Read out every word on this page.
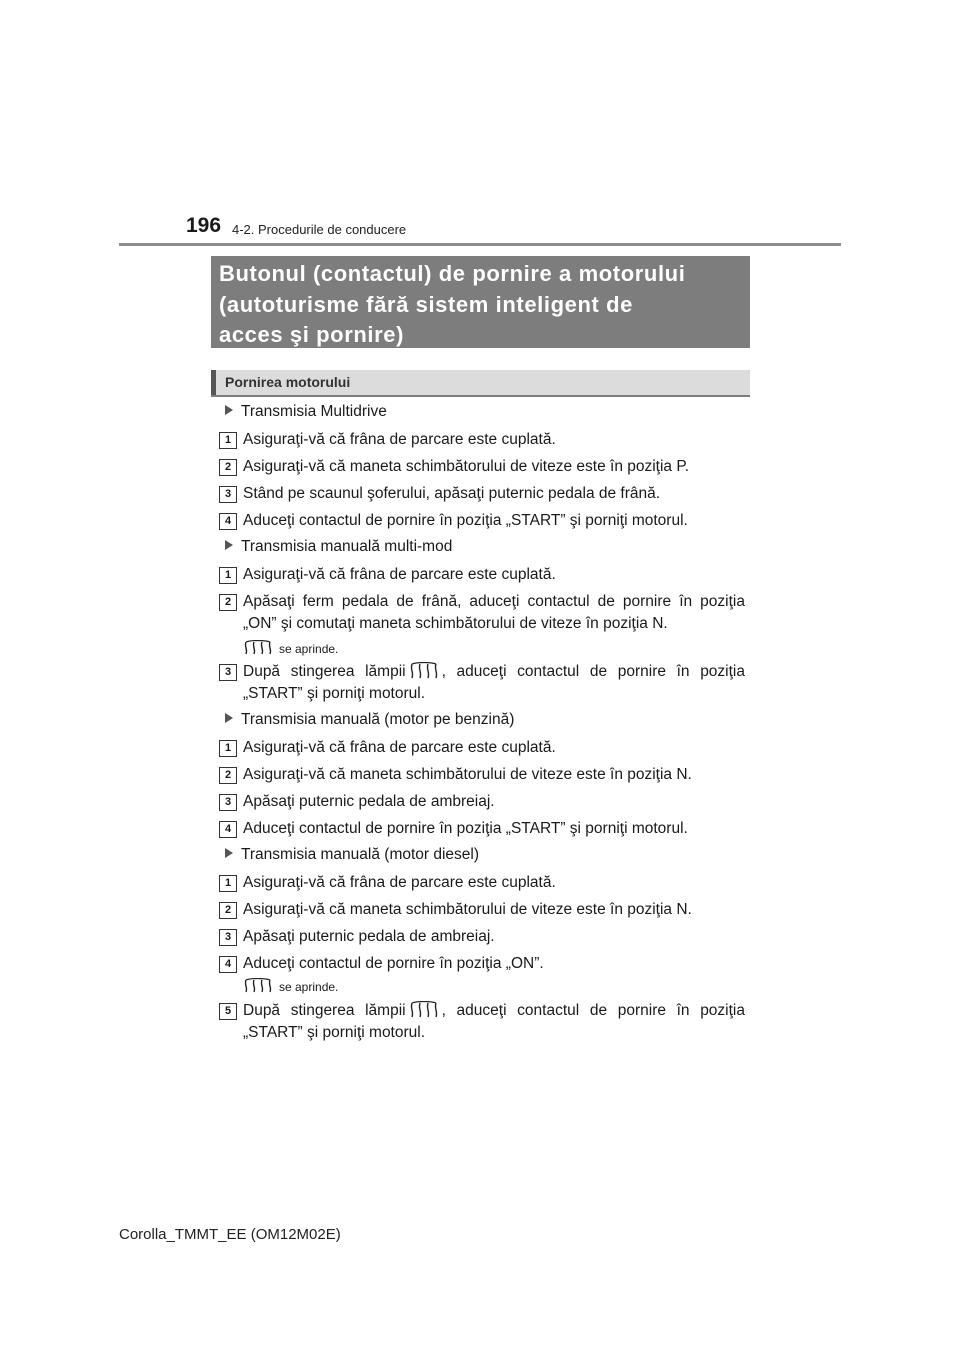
196 4-2. Procedurile de conducere
Butonul (contactul) de pornire a motorului
(autoturisme fără sistem inteligent de
acces şi pornire)
Pornirea motorului
Transmisia Multidrive
1 Asiguraţi-vă că frâna de parcare este cuplată.
2 Asiguraţi-vă că maneta schimbătorului de viteze este în poziţia P.
3 Stând pe scaunul şoferului, apăsaţi puternic pedala de frână.
4 Aduceţi contactul de pornire în poziţia „START” şi porniţi motorul.
Transmisia manuală multi-mod
1 Asiguraţi-vă că frâna de parcare este cuplată.
2 Apăsaţi ferm pedala de frână, aduceţi contactul de pornire în poziţia
„ON” şi comutaţi maneta schimbătorului de viteze în poziţia N.
se aprinde.
3 După stingerea lămpii , aduceţi contactul de pornire în poziţia
„START” şi porniţi motorul.
Transmisia manuală (motor pe benzină)
1 Asiguraţi-vă că frâna de parcare este cuplată.
2 Asiguraţi-vă că maneta schimbătorului de viteze este în poziţia N.
3 Apăsaţi puternic pedala de ambreiaj.
4 Aduceţi contactul de pornire în poziţia „START” şi porniţi motorul.
Transmisia manuală (motor diesel)
1 Asiguraţi-vă că frâna de parcare este cuplată.
2 Asiguraţi-vă că maneta schimbătorului de viteze este în poziţia N.
3 Apăsaţi puternic pedala de ambreiaj.
4 Aduceţi contactul de pornire în poziţia „ON”.
se aprinde.
5 După stingerea lămpii , aduceţi contactul de pornire în poziţia
„START” şi porniţi motorul.
Corolla_TMMT_EE (OM12M02E)
